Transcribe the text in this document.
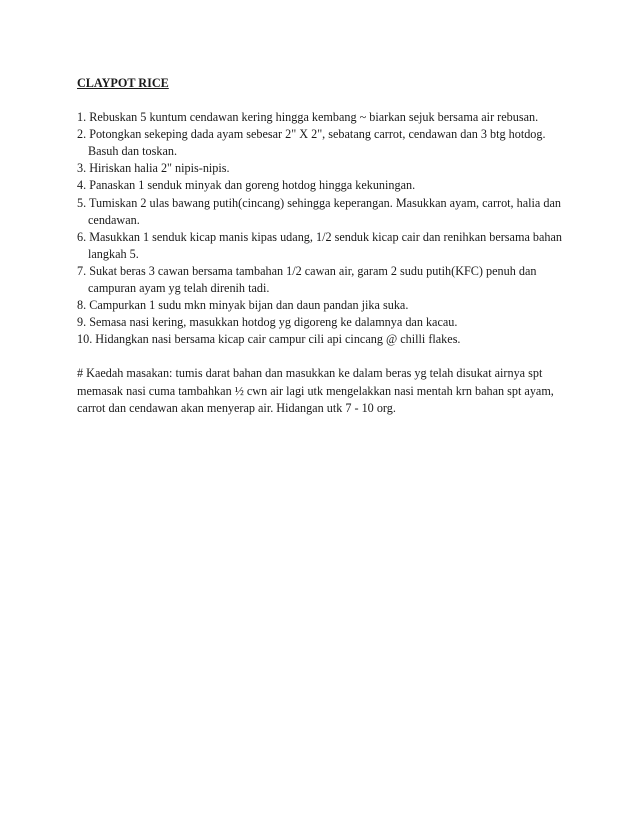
CLAYPOT RICE
1. Rebuskan 5 kuntum cendawan kering hingga kembang ~ biarkan sejuk bersama air rebusan.
2. Potongkan sekeping dada ayam sebesar 2" X 2", sebatang carrot, cendawan dan 3 btg hotdog. Basuh dan toskan.
3. Hiriskan halia 2" nipis-nipis.
4. Panaskan 1 senduk minyak dan goreng hotdog hingga kekuningan.
5. Tumiskan 2 ulas bawang putih(cincang) sehingga keperangan. Masukkan ayam, carrot, halia dan cendawan.
6. Masukkan 1 senduk kicap manis kipas udang, 1/2 senduk kicap cair dan renihkan bersama bahan langkah 5.
7. Sukat beras 3 cawan bersama tambahan 1/2 cawan air, garam 2 sudu putih(KFC) penuh dan campuran ayam yg telah direnih tadi.
8. Campurkan 1 sudu mkn minyak bijan dan daun pandan jika suka.
9. Semasa nasi kering, masukkan hotdog yg digoreng ke dalamnya dan kacau.
10. Hidangkan nasi bersama kicap cair campur cili api cincang @ chilli flakes.

# Kaedah masakan: tumis darat bahan dan masukkan ke dalam beras yg telah disukat airnya spt memasak nasi cuma tambahkan ½ cwn air lagi utk mengelakkan nasi mentah krn bahan spt ayam, carrot dan cendawan akan menyerap air. Hidangan utk 7 - 10 org.
